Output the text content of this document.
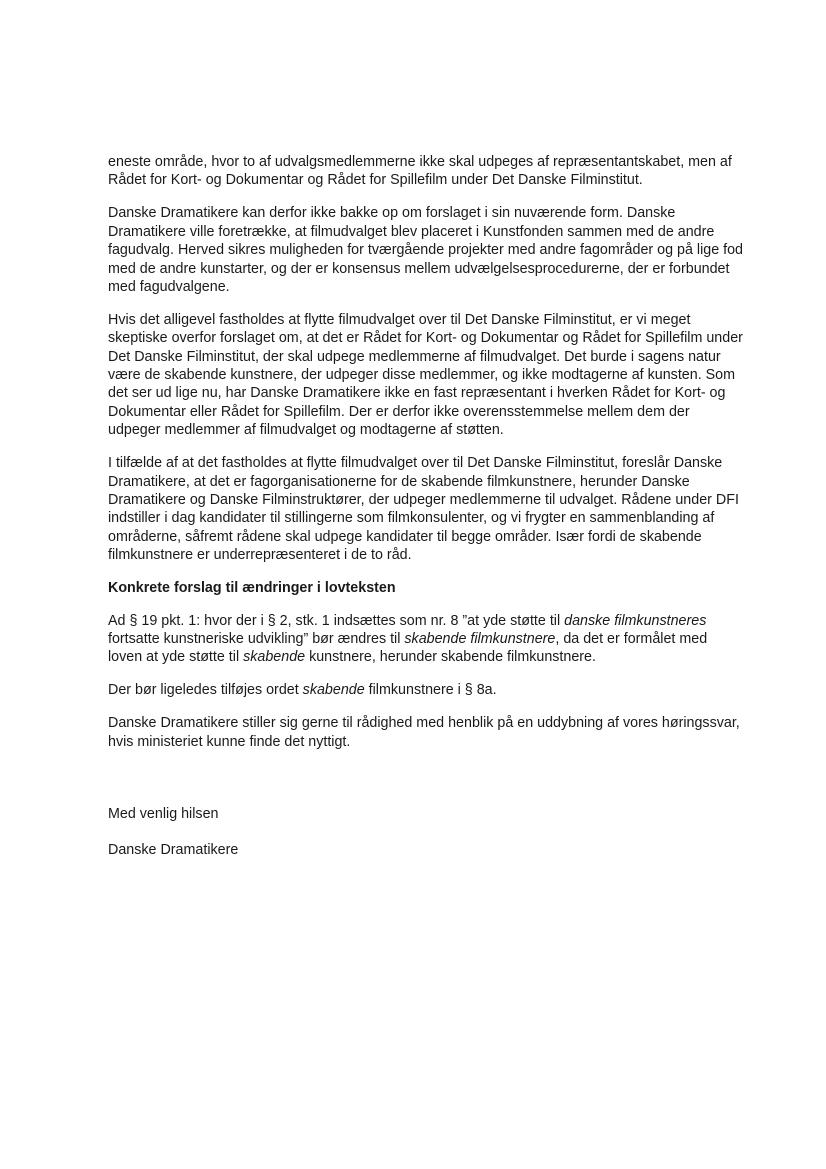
eneste område, hvor to af udvalgsmedlemmerne ikke skal udpeges af repræsentantskabet, men af Rådet for Kort- og Dokumentar og Rådet for Spillefilm under Det Danske Filminstitut.

Danske Dramatikere kan derfor ikke bakke op om forslaget i sin nuværende form. Danske Dramatikere ville foretrække, at filmudvalget blev placeret i Kunstfonden sammen med de andre fagudvalg. Herved sikres muligheden for tværgående projekter med andre fagområder og på lige fod med de andre kunstarter, og der er konsensus mellem udvælgelsesprocedurerne, der er forbundet med fagudvalgene.

Hvis det alligevel fastholdes at flytte filmudvalget over til Det Danske Filminstitut, er vi meget skeptiske overfor forslaget om, at det er Rådet for Kort- og Dokumentar og Rådet for Spillefilm under Det Danske Filminstitut, der skal udpege medlemmerne af filmudvalget. Det burde i sagens natur være de skabende kunstnere, der udpeger disse medlemmer, og ikke modtagerne af kunsten. Som det ser ud lige nu, har Danske Dramatikere ikke en fast repræsentant i hverken Rådet for Kort- og Dokumentar eller Rådet for Spillefilm. Der er derfor ikke overensstemmelse mellem dem der udpeger medlemmer af filmudvalget og modtagerne af støtten.

I tilfælde af at det fastholdes at flytte filmudvalget over til Det Danske Filminstitut, foreslår Danske Dramatikere, at det er fagorganisationerne for de skabende filmkunstnere, herunder Danske Dramatikere og Danske Filminstruktører, der udpeger medlemmerne til udvalget. Rådene under DFI indstiller i dag kandidater til stillingerne som filmkonsulenter, og vi frygter en sammenblanding af områderne, såfremt rådene skal udpege kandidater til begge områder. Især fordi de skabende filmkunstnere er underrepræsenteret i de to råd.

Konkrete forslag til ændringer i lovteksten

Ad § 19 pkt. 1: hvor der i § 2, stk. 1 indsættes som nr. 8 ”at yde støtte til danske filmkunstneres fortsatte kunstneriske udvikling” bør ændres til skabende filmkunstnere, da det er formålet med loven at yde støtte til skabende kunstnere, herunder skabende filmkunstnere.

Der bør ligeledes tilføjes ordet skabende filmkunstnere i § 8a.

Danske Dramatikere stiller sig gerne til rådighed med henblik på en uddybning af vores høringssvar, hvis ministeriet kunne finde det nyttigt.

Med venlig hilsen

Danske Dramatikere
